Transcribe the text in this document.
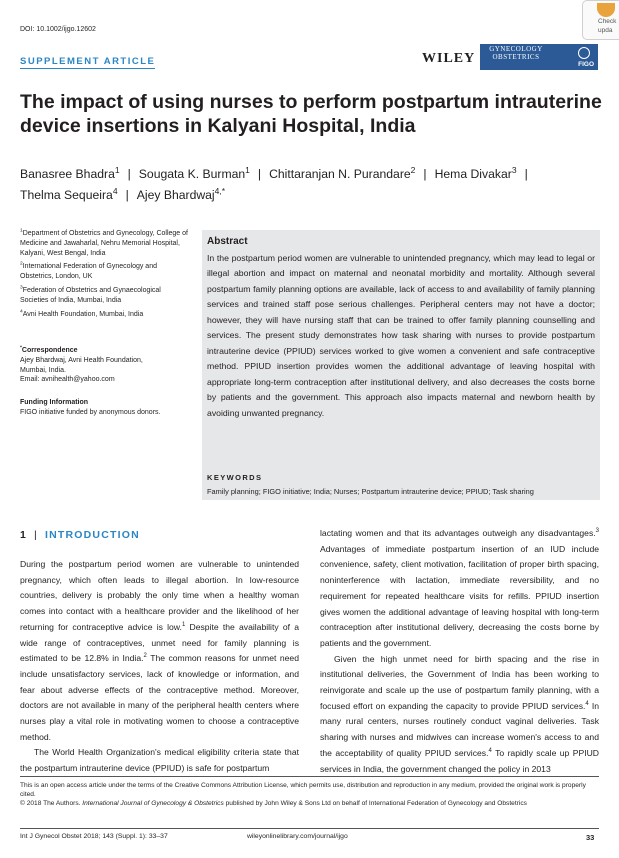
DOI: 10.1002/ijgo.12602
Check
upda
SUPPLEMENT ARTICLE	WILEY
GYNECOLOGY OBSTETRICS
FIGO
The impact of using nurses to perform postpartum intrauterine device insertions in Kalyani Hospital, India
Banasree Bhadra$^1$ | Sougata K. Burman$^1$ | Chittaranjan N. Purandare$^2$ | Hema Divakar$^3$ |
Thelma Sequeira$^4$ | Ajey Bhardwaj$^{4,*}$
$^1$Department of Obstetrics and Gynecology, College of Medicine and Jawaharlal, Nehru Memorial Hospital, Kalyani, West Bengal, India
$^2$International Federation of Gynecology and Obstetrics, London, UK
$^3$Federation of Obstetrics and Gynaecological Societies of India, Mumbai, India
$^4$Avni Health Foundation, Mumbai, India
*Correspondence
Ajey Bhardwaj, Avni Health Foundation,
Mumbai, India.
Email: avnihealth@yahoo.com
Funding Information
FIGO initiative funded by anonymous donors.
Abstract
In the postpartum period women are vulnerable to unintended pregnancy, which may lead to legal or illegal abortion and impact on maternal and neonatal morbidity and mortality. Although several postpartum family planning options are available, lack of access to and availability of family planning services and trained staff pose serious challenges. Peripheral centers may not have a doctor; however, they will have nursing staff that can be trained to offer family planning counselling and services. The present study demonstrates how task sharing with nurses to provide postpartum intrauterine device (PPIUD) services worked to give women a convenient and safe contraceptive method. PPIUD insertion provides women the additional advantage of leaving hospital with appropriate long-term contraception after institutional delivery, and also decreases the costs borne by patients and the government. This approach also impacts maternal and newborn health by avoiding unwanted pregnancy.
KEYWORDS
Family planning; FIGO initiative; India; Nurses; Postpartum intrauterine device; PPIUD; Task sharing
1 | INTRODUCTION

During the postpartum period women are vulnerable to unintended pregnancy, which often leads to illegal abortion. In low-resource countries, delivery is probably the only time when a healthy woman comes into contact with a healthcare provider and the likelihood of her returning for contraceptive advice is low.$^1$ Despite the availability of a wide range of contraceptives, unmet need for family planning is estimated to be 12.8% in India.$^2$ The common reasons for unmet need include unsatisfactory services, lack of knowledge or information, and fear about adverse effects of the contraceptive method. Moreover, doctors are not available in many of the peripheral health centers where nurses play a vital role in motivating women to choose a contraceptive method.

The World Health Organization's medical eligibility criteria state that the postpartum intrauterine device (PPIUD) is safe for postpartum

lactating women and that its advantages outweigh any disadvantages.$^3$ Advantages of immediate postpartum insertion of an IUD include convenience, safety, client motivation, facilitation of proper birth spacing, noninterference with lactation, immediate reversibility, and no requirement for repeated healthcare visits for refills. PPIUD insertion gives women the additional advantage of leaving hospital with long-term contraception after institutional delivery, decreasing the costs borne by patients and the government.

Given the high unmet need for birth spacing and the rise in institutional deliveries, the Government of India has been working to reinvigorate and scale up the use of postpartum family planning, with a focused effort on expanding the capacity to provide PPIUD services.$^4$ In many rural centers, nurses routinely conduct vaginal deliveries. Task sharing with nurses and midwives can increase women's access to and the acceptability of quality PPIUD services.$^4$ To rapidly scale up PPIUD services in India, the government changed the policy in 2013

This is an open access article under the terms of the Creative Commons Attribution License, which permits use, distribution and reproduction in any medium, provided the original work is properly cited.
© 2018 The Authors. International Journal of Gynecology & Obstetrics published by John Wiley & Sons Ltd on behalf of International Federation of Gynecology and Obstetrics
Int J Gynecol Obstet 2018; 143 (Suppl. 1): 33–37	wileyonlinelibrary.com/journal/ijgo	33
